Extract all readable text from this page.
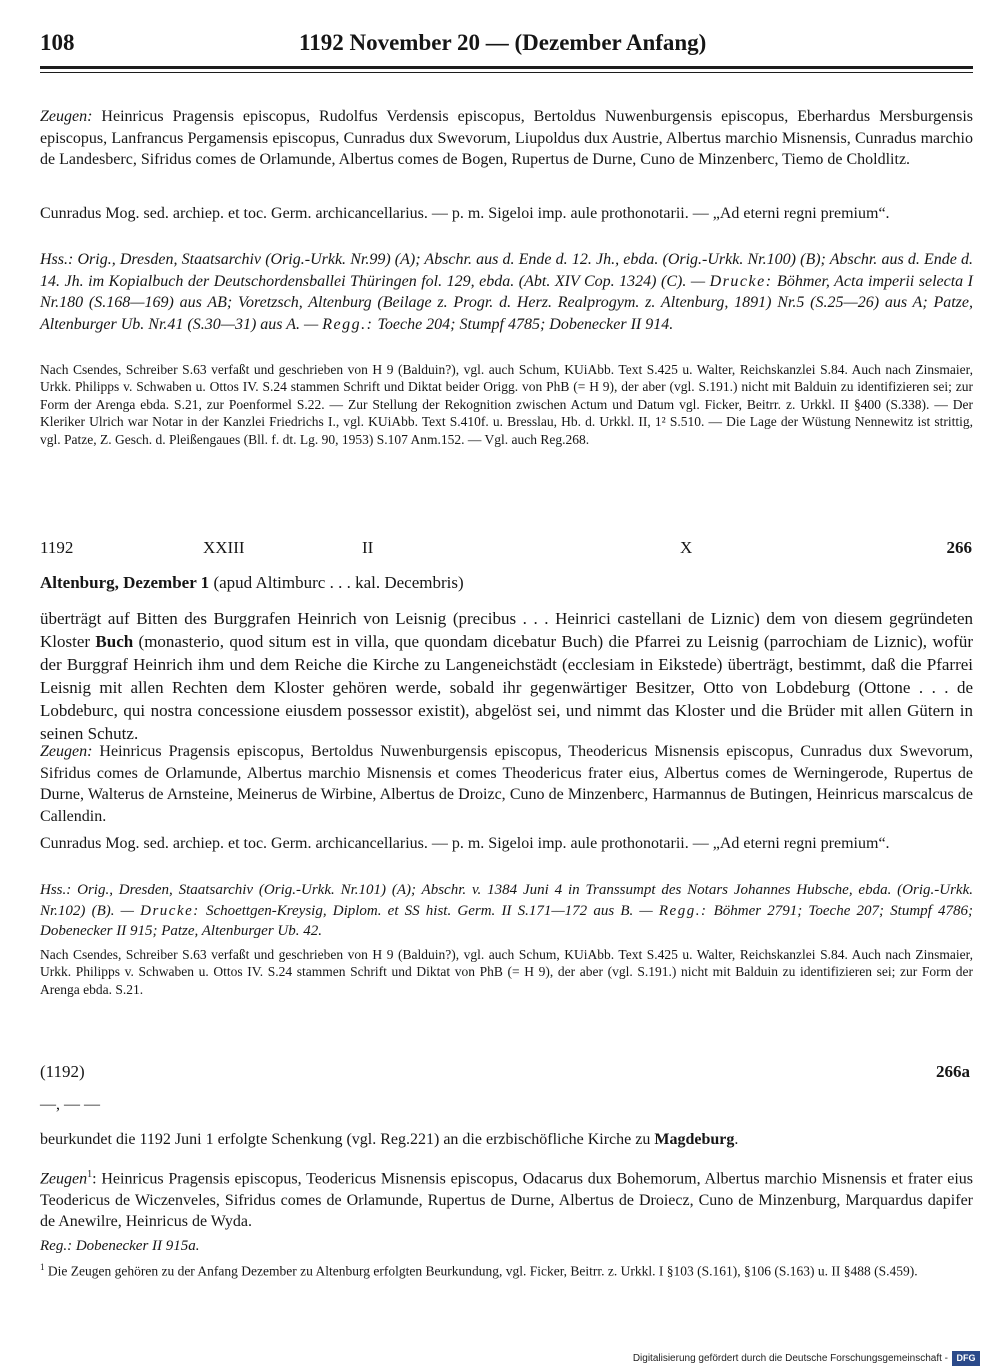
108	1192 November 20 — (Dezember Anfang)
Zeugen: Heinricus Pragensis episcopus, Rudolfus Verdensis episcopus, Bertoldus Nuwenburgensis episcopus, Eberhardus Mersburgensis episcopus, Lanfrancus Pergamensis episcopus, Cunradus dux Swevorum, Liupoldus dux Austrie, Albertus marchio Misnensis, Cunradus marchio de Landesberc, Sifridus comes de Orlamunde, Albertus comes de Bogen, Rupertus de Durne, Cuno de Minzenberc, Tiemo de Choldlitz.
Cunradus Mog. sed. archiep. et toc. Germ. archicancellarius. — p. m. Sigeloi imp. aule prothonotarii. — „Ad eterni regni premium“.
Hss.: Orig., Dresden, Staatsarchiv (Orig.-Urkk. Nr.99) (A); Abschr. aus d. Ende d. 12. Jh., ebda. (Orig.-Urkk. Nr.100) (B); Abschr. aus d. Ende d. 14. Jh. im Kopialbuch der Deutschordensballei Thüringen fol. 129, ebda. (Abt. XIV Cop. 1324) (C). — Drucke: Böhmer, Acta imperii selecta I Nr.180 (S.168—169) aus AB; Voretzsch, Altenburg (Beilage z. Progr. d. Herz. Realprogym. z. Altenburg, 1891) Nr.5 (S.25—26) aus A; Patze, Altenburger Ub. Nr.41 (S.30—31) aus A. — Regg.: Toeche 204; Stumpf 4785; Dobenecker II 914.
Nach Csendes, Schreiber S.63 verfaßt und geschrieben von H 9 (Balduin?), vgl. auch Schum, KUiAbb. Text S.425 u. Walter, Reichskanzlei S.84. Auch nach Zinsmaier, Urkk. Philipps v. Schwaben u. Ottos IV. S.24 stammen Schrift und Diktat beider Origg. von PhB (= H 9), der aber (vgl. S.191.) nicht mit Balduin zu identifizieren sei; zur Form der Arenga ebda. S.21, zur Poenformel S.22. — Zur Stellung der Rekognition zwischen Actum und Datum vgl. Ficker, Beitrr. z. Urkkl. II §400 (S.338). — Der Kleriker Ulrich war Notar in der Kanzlei Friedrichs I., vgl. KUiAbb. Text S.410f. u. Bresslau, Hb. d. Urkkl. II, 1² S.510. — Die Lage der Wüstung Nennewitz ist strittig, vgl. Patze, Z. Gesch. d. Pleißengaues (Bll. f. dt. Lg. 90, 1953) S.107 Anm.152. — Vgl. auch Reg.268.
1192	XXIII	II	X	266
Altenburg, Dezember 1 (apud Altimburc . . . kal. Decembris)
überträgt auf Bitten des Burggrafen Heinrich von Leisnig (precibus . . . Heinrici castellani de Liznic) dem von diesem gegründeten Kloster Buch (monasterio, quod situm est in villa, que quondam dicebatur Buch) die Pfarrei zu Leisnig (parrochiam de Liznic), wofür der Burggraf Heinrich ihm und dem Reiche die Kirche zu Langeneichstädt (ecclesiam in Eikstede) überträgt, bestimmt, daß die Pfarrei Leisnig mit allen Rechten dem Kloster gehören werde, sobald ihr gegenwärtiger Besitzer, Otto von Lobdeburg (Ottone . . . de Lobdeburc, qui nostra concessione eiusdem possessor existit), abgelöst sei, und nimmt das Kloster und die Brüder mit allen Gütern in seinen Schutz.
Zeugen: Heinricus Pragensis episcopus, Bertoldus Nuwenburgensis episcopus, Theodericus Misnensis episcopus, Cunradus dux Swevorum, Sifridus comes de Orlamunde, Albertus marchio Misnensis et comes Theodericus frater eius, Albertus comes de Werningerode, Rupertus de Durne, Walterus de Arnsteine, Meinerus de Wirbine, Albertus de Droizc, Cuno de Minzenberc, Harmannus de Butingen, Heinricus marscalcus de Callendin.
Cunradus Mog. sed. archiep. et toc. Germ. archicancellarius. — p. m. Sigeloi imp. aule prothonotarii. — „Ad eterni regni premium“.
Hss.: Orig., Dresden, Staatsarchiv (Orig.-Urkk. Nr.101) (A); Abschr. v. 1384 Juni 4 in Transsumpt des Notars Johannes Hubsche, ebda. (Orig.-Urkk. Nr.102) (B). — Drucke: Schoettgen-Kreysig, Diplom. et SS hist. Germ. II S.171—172 aus B. — Regg.: Böhmer 2791; Toeche 207; Stumpf 4786; Dobenecker II 915; Patze, Altenburger Ub. 42.
Nach Csendes, Schreiber S.63 verfaßt und geschrieben von H 9 (Balduin?), vgl. auch Schum, KUiAbb. Text S.425 u. Walter, Reichskanzlei S.84. Auch nach Zinsmaier, Urkk. Philipps v. Schwaben u. Ottos IV. S.24 stammen Schrift und Diktat von PhB (= H 9), der aber (vgl. S.191.) nicht mit Balduin zu identifizieren sei; zur Form der Arenga ebda. S.21.
(1192)	266a
—, — —
beurkundet die 1192 Juni 1 erfolgte Schenkung (vgl. Reg.221) an die erzbischöfliche Kirche zu Magdeburg.
Zeugen$^1$: Heinricus Pragensis episcopus, Teodericus Misnensis episcopus, Odacarus dux Bohemorum, Albertus marchio Misnensis et frater eius Teodericus de Wiczenveles, Sifridus comes de Orlamunde, Rupertus de Durne, Albertus de Droiecz, Cuno de Minzenburg, Marquardus dapifer de Anewilre, Heinricus de Wyda.
Reg.: Dobenecker II 915a.
$^1$ Die Zeugen gehören zu der Anfang Dezember zu Altenburg erfolgten Beurkundung, vgl. Ficker, Beitrr. z. Urkkl. I §103 (S.161), §106 (S.163) u. II §488 (S.459).
Digitalisierung gefördert durch die Deutsche Forschungsgemeinschaft - DFG
